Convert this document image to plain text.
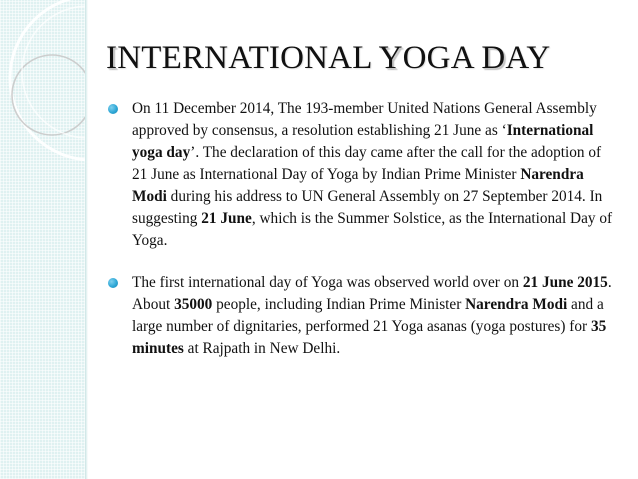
INTERNATIONAL YOGA DAY
On 11 December 2014, The 193-member United Nations General Assembly approved by consensus, a resolution establishing 21 June as ‘International yoga day’. The declaration of this day came after the call for the adoption of 21 June as International Day of Yoga by Indian Prime Minister Narendra Modi during his address to UN General Assembly on 27 September 2014. In suggesting 21 June, which is the Summer Solstice, as the International Day of Yoga.
The first international day of Yoga was observed world over on 21 June 2015. About 35000 people, including Indian Prime Minister Narendra Modi and a large number of dignitaries, performed 21 Yoga asanas (yoga postures) for 35 minutes at Rajpath in New Delhi.
